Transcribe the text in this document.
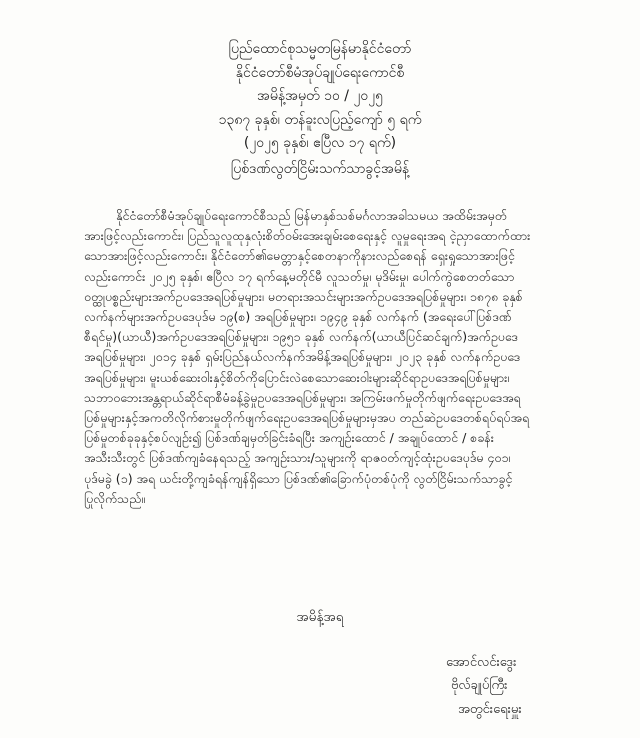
ပြည်ထောင်စုသမ္မတမြန်မာနိုင်ငံတော်
နိုင်ငံတော်စီမံအုပ်ချုပ်ရေးကောင်စီ
အမိန့်အမှတ် ၁၀ / ၂၀၂၅
၁၃၈၇ ခုနှစ်၊ တန်ခူးလပြည့်ကျော် ၅ ရက်
(၂၀၂၅ ခုနှစ်၊ ဧပြီလ ၁၇ ရက်)
ပြစ်ဒဏ်လွတ်ငြိမ်းသက်သာခွင့်အမိန့်
နိုင်ငံတော်စီမံအုပ်ချုပ်ရေးကောင်စီသည် မြန်မာနှစ်သစ်မင်္ဂလာအခါသမယ အထိမ်းအမှတ်
အားဖြင့်လည်းကောင်း၊ ပြည်သူလူထုနှလုံးစိတ်ဝမ်းအေးချမ်းစေရေးနှင့် လူမှုရေးအရ ငဲ့ညှာထောက်ထား
သောအားဖြင့်လည်းကောင်း၊ နိုင်ငံတော်၏မေတ္တာနှင့်စေတနာကိုနားလည်စေရန် ရှေးရှုသောအားဖြင့်
လည်းကောင်း ၂၀၂၅ ခုနှစ်၊ ဧပြီလ ၁၇ ရက်နေ့မတိုင်မီ လူသတ်မှု၊ မုဒိမ်းမှု၊ ပေါက်ကွဲစေတတ်သော
ဝတ္ထုပစ္စည်းများအက်ဥပဒေအရပြစ်မှုများ၊ မတရားအသင်းများအက်ဥပဒေအရပြစ်မှုများ၊ ၁၈၇၈ ခုနှစ်
လက်နက်များအက်ဥပဒေပုဒ်မ ၁၉(စ) အရပြစ်မှုများ၊ ၁၉၄၉ ခုနှစ် လက်နက် (အရေးပေါ်ပြစ်ဒဏ်
စီရင်မှု)(ယာယီ)အက်ဥပဒေအရပြစ်မှုများ၊ ၁၉၅၁ ခုနှစ် လက်နက်(ယာယီပြင်ဆင်ချက်)အက်ဥပဒေ
အရပြစ်မှုများ၊ ၂၀၁၄ ခုနှစ် ရှမ်းပြည်နယ်လက်နက်အမိန့်အရပြစ်မှုများ၊ ၂၀၂၃ ခုနှစ် လက်နက်ဥပဒေ
အရပြစ်မှုများ၊ မူးယစ်ဆေးဝါးနှင့်စိတ်ကိုပြောင်းလဲစေသောဆေးဝါးများဆိုင်ရာဥပဒေအရပြစ်မှုများ၊
သဘာဝဘေးအန္တရာယ်ဆိုင်ရာစီမံခန့်ခွဲမှုဥပဒေအရပြစ်မှုများ၊ အကြမ်းဖက်မှုတိုက်ဖျက်ရေးဥပဒေအရ
ပြစ်မှုများနှင့်အကတိလိုက်စားမှုတိုက်ဖျက်ရေးဥပဒေအရပြစ်မှုများမှအပ တည်ဆဲဥပဒေတစ်ရပ်ရပ်အရ
ပြစ်မှုတစ်ခုခုနှင့်စပ်လျဉ်း၍ ပြစ်ဒဏ်ချမှတ်ခြင်းခံရပြီး အကျဉ်းထောင် / အချုပ်ထောင် / စခန်း
အသီးသီးတွင် ပြစ်ဒဏ်ကျခံနေရသည့် အကျဉ်းသား/သူများကို ရာဇဝတ်ကျင့်ထုံးဥပဒေပုဒ်မ ၄၀၁၊
ပုဒ်မခွဲ (၁) အရ ယင်းတို့ကျခံရန်ကျန်ရှိသော ပြစ်ဒဏ်၏ခြောက်ပုံတစ်ပုံကို လွတ်ငြိမ်းသက်သာခွင့်
ပြုလိုက်သည်။
အမိန့်အရ
အောင်လင်းဒွေး
ဗိုလ်ချုပ်ကြီး
အတွင်းရေးမှူး
